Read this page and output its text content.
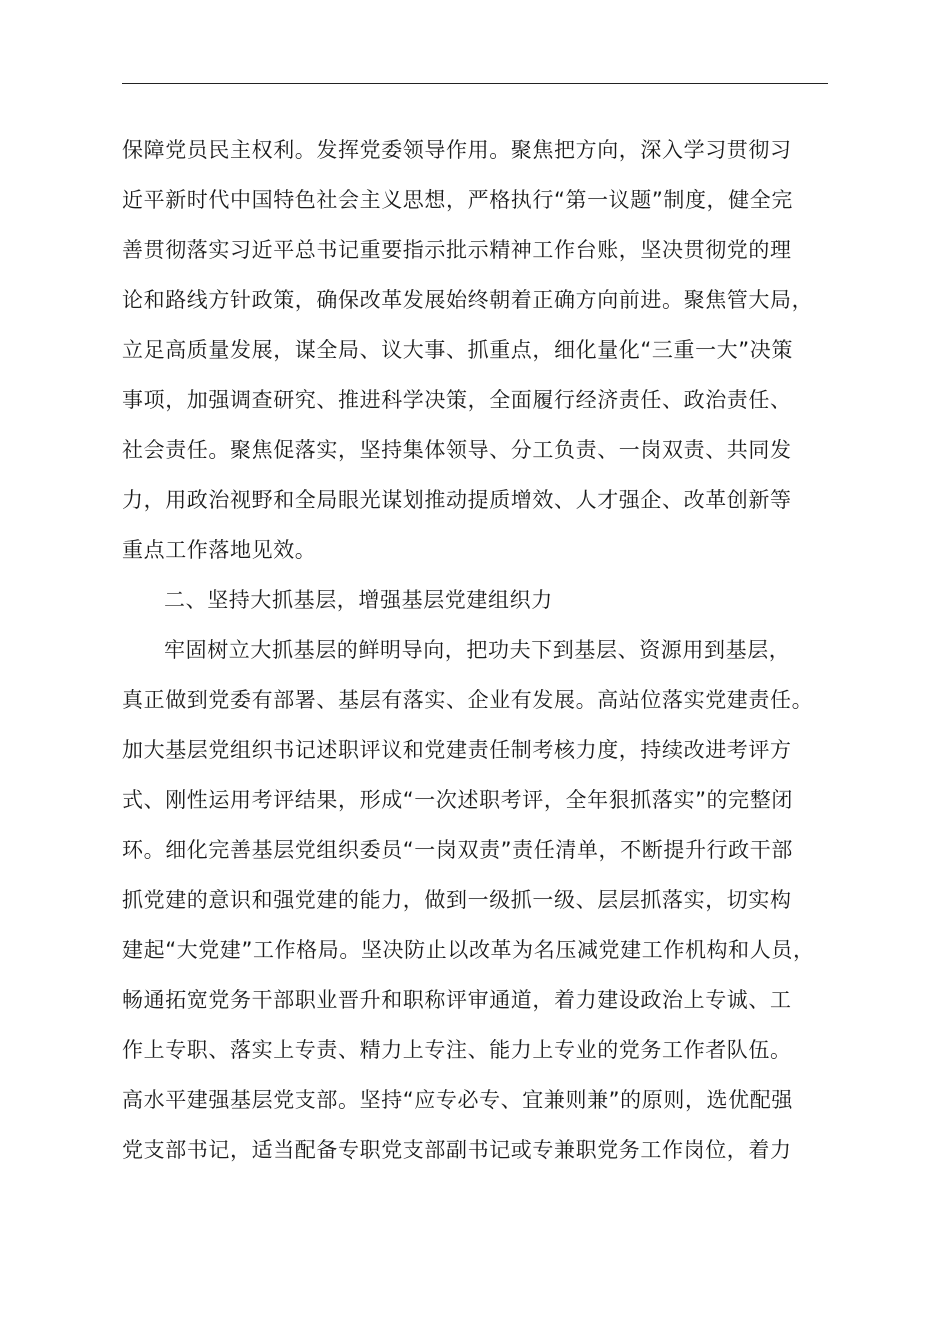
保障党员民主权利。发挥党委领导作用。聚焦把方向，深入学习贯彻习
近平新时代中国特色社会主义思想，严格执行“第一议题”制度，健全完
善贯彻落实习近平总书记重要指示批示精神工作台账，坚决贯彻党的理
论和路线方针政策，确保改革发展始终朝着正确方向前进。聚焦管大局，
立足高质量发展，谋全局、议大事、抓重点，细化量化“三重一大”决策
事项，加强调查研究、推进科学决策，全面履行经济责任、政治责任、
社会责任。聚焦促落实，坚持集体领导、分工负责、一岗双责、共同发
力，用政治视野和全局眼光谋划推动提质增效、人才强企、改革创新等
重点工作落地见效。
二、坚持大抓基层，增强基层党建组织力
牢固树立大抓基层的鲜明导向，把功夫下到基层、资源用到基层，
真正做到党委有部署、基层有落实、企业有发展。高站位落实党建责任。
加大基层党组织书记述职评议和党建责任制考核力度，持续改进考评方
式、刚性运用考评结果，形成“一次述职考评，全年狠抓落实”的完整闭
环。细化完善基层党组织委员“一岗双责”责任清单，不断提升行政干部
抓党建的意识和强党建的能力，做到一级抓一级、层层抓落实，切实构
建起“大党建”工作格局。坚决防止以改革为名压减党建工作机构和人员，
畅通拓宽党务干部职业晋升和职称评审通道，着力建设政治上专诚、工
作上专职、落实上专责、精力上专注、能力上专业的党务工作者队伍。
高水平建强基层党支部。坚持“应专必专、宜兼则兼”的原则，选优配强
党支部书记，适当配备专职党支部副书记或专兼职党务工作岗位，着力
